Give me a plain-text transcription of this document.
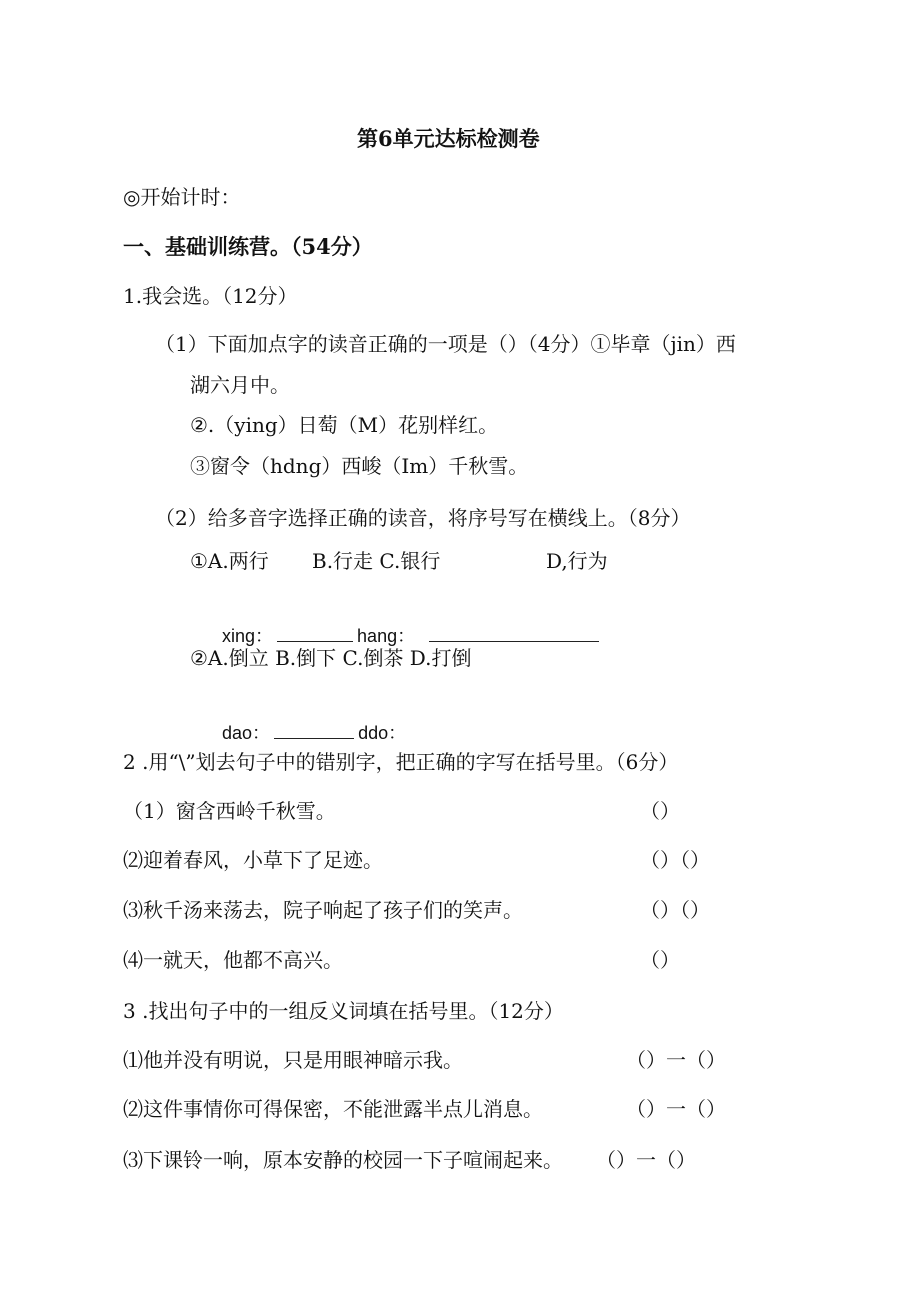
第6单元达标检测卷
◎开始计时：
一、基础训练营。（54分）
1.我会选。（12分）
（1）下面加点字的读音正确的一项是（）（4分）①毕章（jin）西
湖六月中。
②.（ying）日萄（M）花别样红。
③窗令（hdng）西峻（Im）千秋雪。
（2）给多音字选择正确的读音，将序号写在横线上。（8分）
①A.两行 B.行走 C.银行	D,行为

xing：	hang：

②A.倒立 B.倒下 C.倒茶 D.打倒

dao：	ddo：

2 .用“\”划去句子中的错别字，把正确的字写在括号里。（6分）
（1）窗含西岭千秋雪。	（）
⑵迎着春风，小草下了足迹。	（）（）
⑶秋千汤来荡去，院子响起了孩子们的笑声。	（）（）
⑷一就天，他都不高兴。	（）
3 .找出句子中的一组反义词填在括号里。（12分）
⑴他并没有明说，只是用眼神暗示我。	（）一（）
⑵这件事情你可得保密，不能泄露半点儿消息。	（）一（）
⑶下课铃一响，原本安静的校园一下子喧闹起来。 （）一（）
